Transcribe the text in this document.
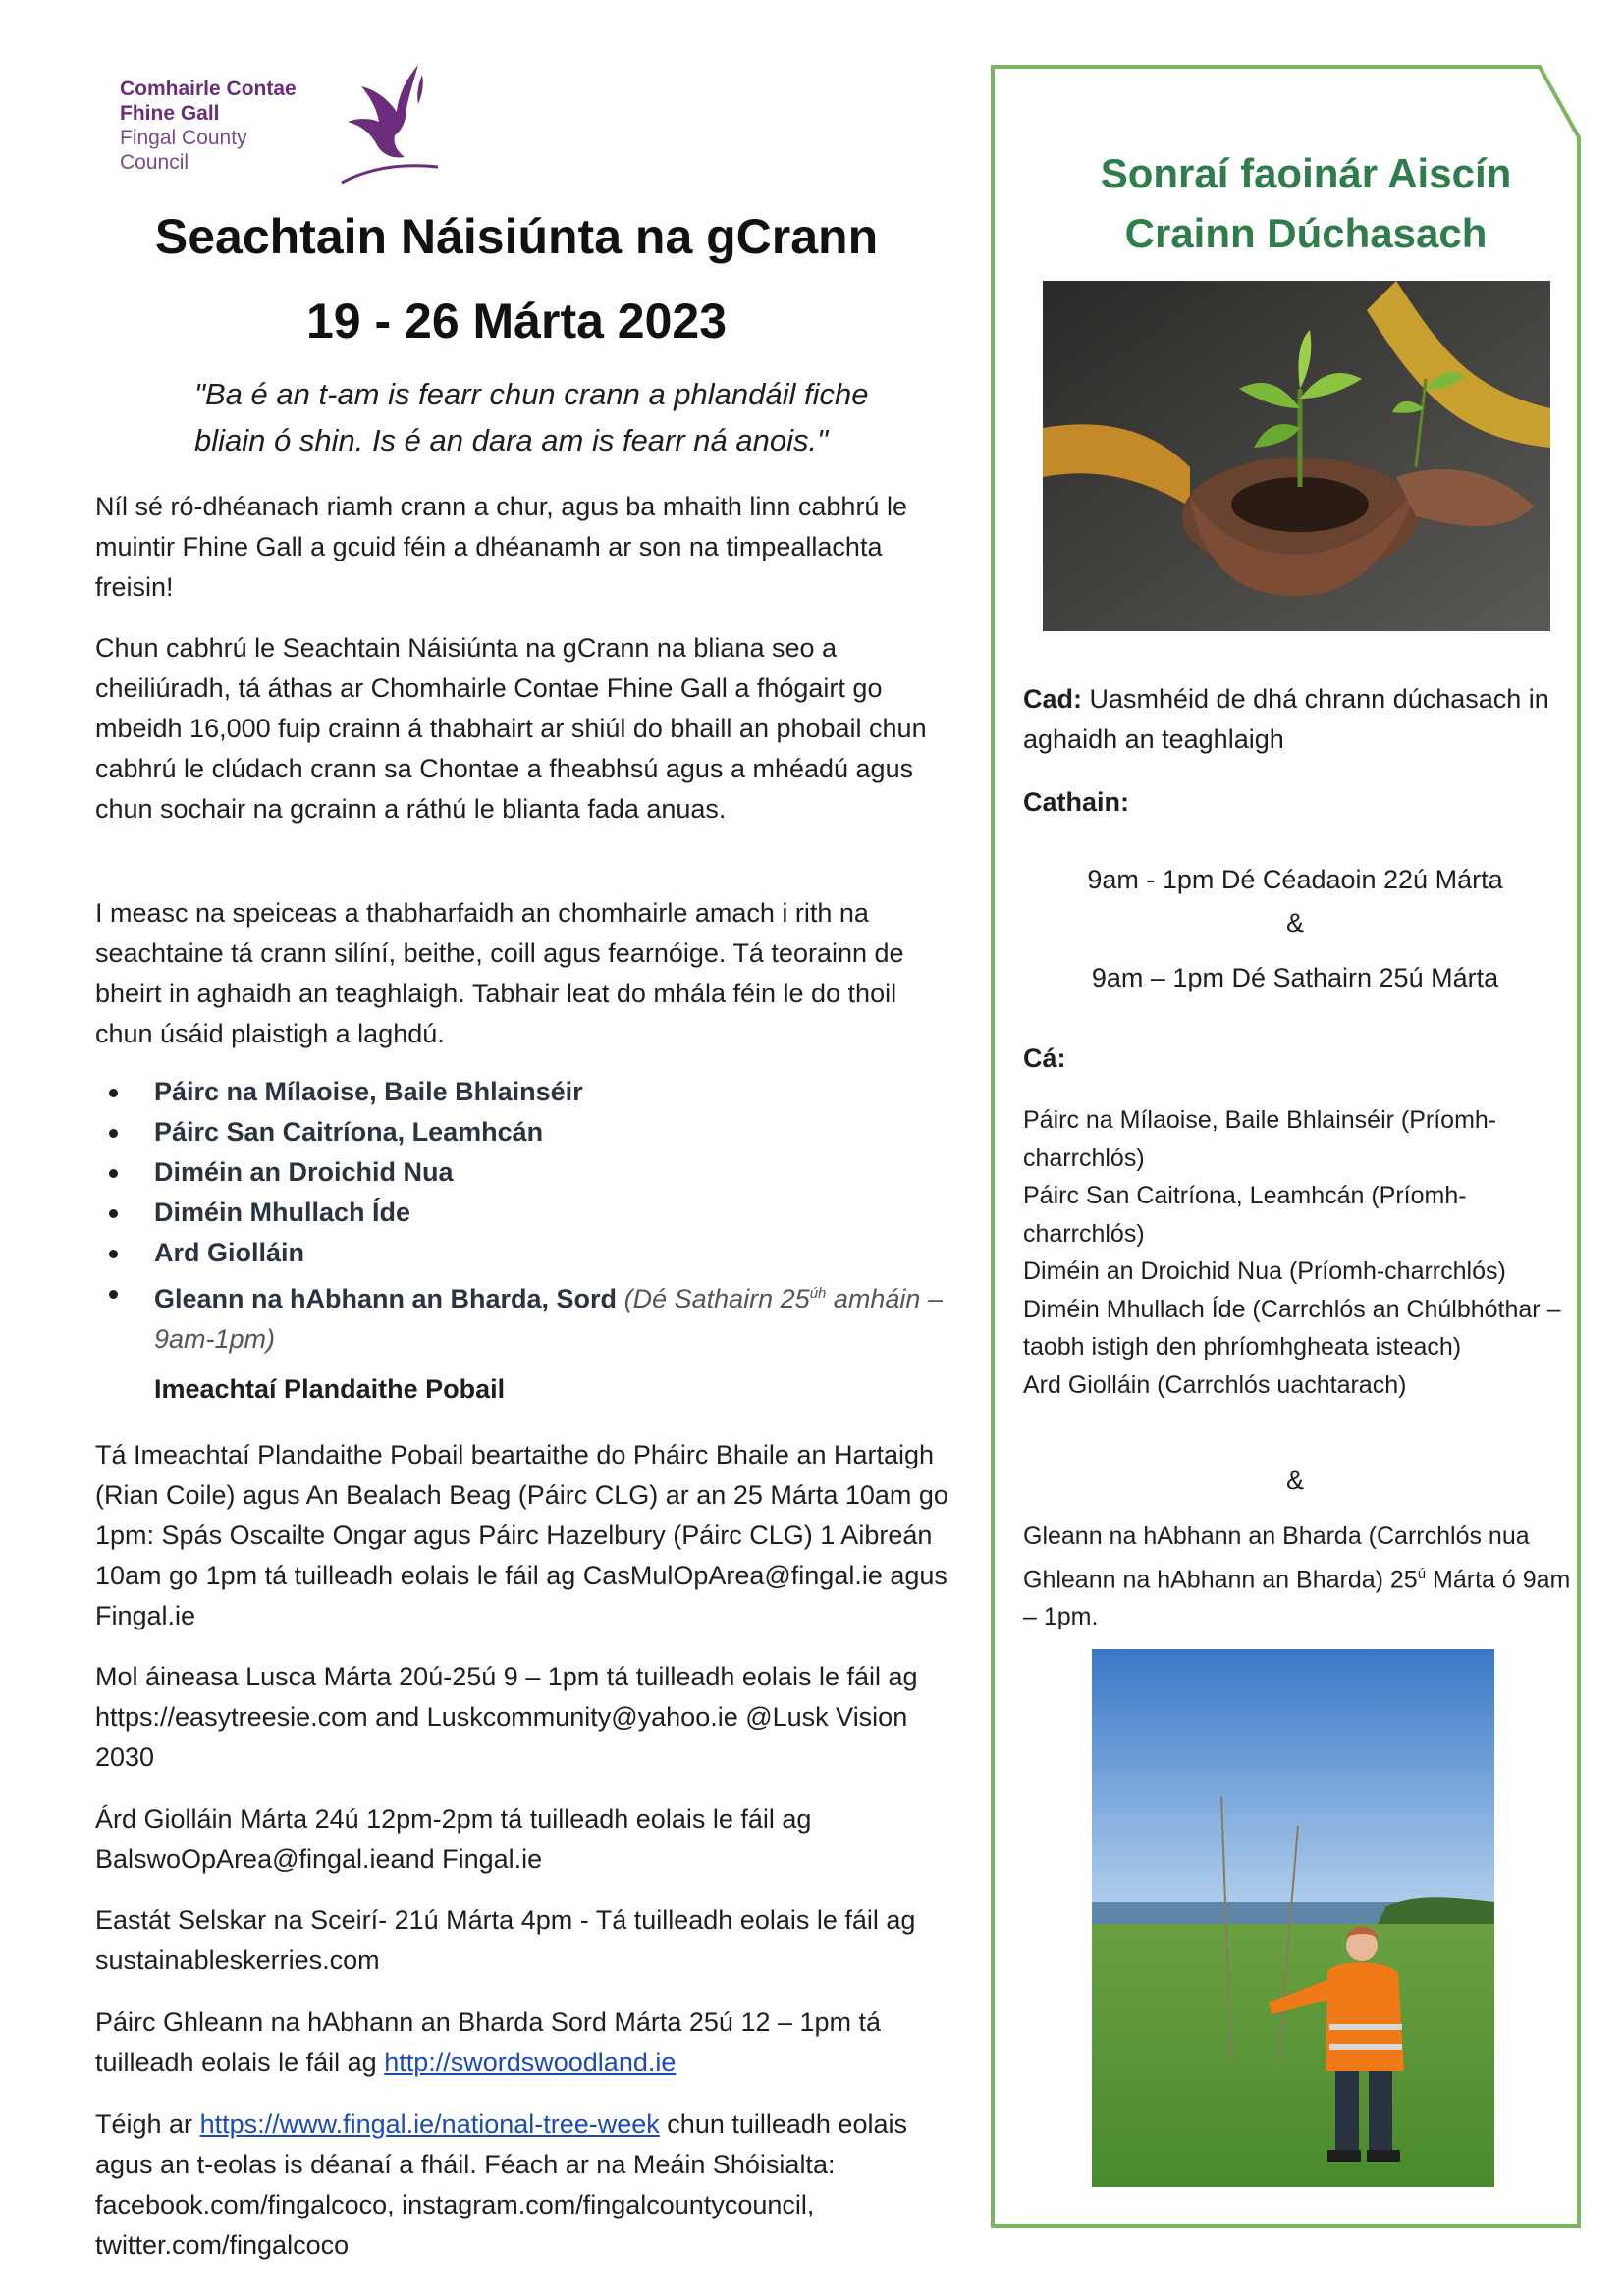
Comhairle Contae
Fhine Gall
Fingal County
Council
Seachtain Náisiúnta na gCrann
19 - 26 Márta 2023
"Ba é an t-am is fearr chun crann a phlandáil fiche
bliain ó shin. Is é an dara am is fearr ná anois."

Níl sé ró-dhéanach riamh crann a chur, agus ba mhaith linn cabhrú le muintir Fhine Gall a gcuid féin a dhéanamh ar son na timpeallachta freisin!

Chun cabhrú le Seachtain Náisiúnta na gCrann na bliana seo a cheiliúradh, tá áthas ar Chomhairle Contae Fhine Gall a fhógairt go mbeidh 16,000 fuip crainn á thabhairt ar shiúl do bhaill an phobail chun cabhrú le clúdach crann sa Chontae a fheabhsú agus a mhéadú agus chun sochair na gcrainn a ráthú le blianta fada anuas.

I measc na speiceas a thabharfaidh an chomhairle amach i rith na seachtaine tá crann silíní, beithe, coill agus fearnóige. Tá teorainn de bheirt in aghaidh an teaghlaigh. Tabhair leat do mhála féin le do thoil chun úsáid plaistigh a laghdú.

Páirc na Mílaoise, Baile Bhlainséir
Páirc San Caitríona, Leamhcán
Diméin an Droichid Nua
Diméin Mhullach Íde
Ard Giolláin
Gleann na hAbhann an Bharda, Sord (Dé Sathairn $25^{úh}$ amháin – 9am-1pm)
Imeachtaí Plandaithe Pobail

Tá Imeachtaí Plandaithe Pobail beartaithe do Pháirc Bhaile an Hartaigh (Rian Coile) agus An Bealach Beag (Páirc CLG) ar an 25 Márta 10am go 1pm: Spás Oscailte Ongar agus Páirc Hazelbury (Páirc CLG) 1 Aibreán 10am go 1pm tá tuilleadh eolais le fáil ag CasMulOpArea@fingal.ie agus Fingal.ie

Mol áineasa Lusca Márta 20ú-25ú 9 – 1pm tá tuilleadh eolais le fáil ag https://easytreesie.com and Luskcommunity@yahoo.ie @Lusk Vision 2030

Árd Giolláin Márta 24ú 12pm-2pm tá tuilleadh eolais le fáil ag BalswoOpArea@fingal.ieand Fingal.ie

Eastát Selskar na Sceirí- 21ú Márta 4pm - Tá tuilleadh eolais le fáil ag sustainableskerries.com

Páirc Ghleann na hAbhann an Bharda Sord Márta 25ú 12 – 1pm tá tuilleadh eolais le fáil ag http://swordswoodland.ie

Téigh ar https://www.fingal.ie/national-tree-week chun tuilleadh eolais agus an t-eolas is déanaí a fháil. Féach ar na Meáin Shóisialta: facebook.com/fingalcoco, instagram.com/fingalcountycouncil, twitter.com/fingalcoco

Sonraí faoinár Aiscín
Crainn Dúchasach

Cad: Uasmhéid de dhá chrann dúchasach in aghaidh an teaghlaigh

Cathain:

9am - 1pm Dé Céadaoin 22ú Márta

&

9am – 1pm Dé Sathairn 25ú Márta

Cá:

Páirc na Mílaoise, Baile Bhlainséir (Príomh-charrchlós)
Páirc San Caitríona, Leamhcán (Príomh-charrchlós)
Diméin an Droichid Nua (Príomh-charrchlós)
Diméin Mhullach Íde (Carrchlós an Chúlbhóthar – taobh istigh den phríomhgheata isteach)
Ard Giolláin (Carrchlós uachtarach)

&

Gleann na hAbhann an Bharda (Carrchlós nua Ghleann na hAbhann an Bharda) $25^ú$ Márta ó 9am – 1pm.
